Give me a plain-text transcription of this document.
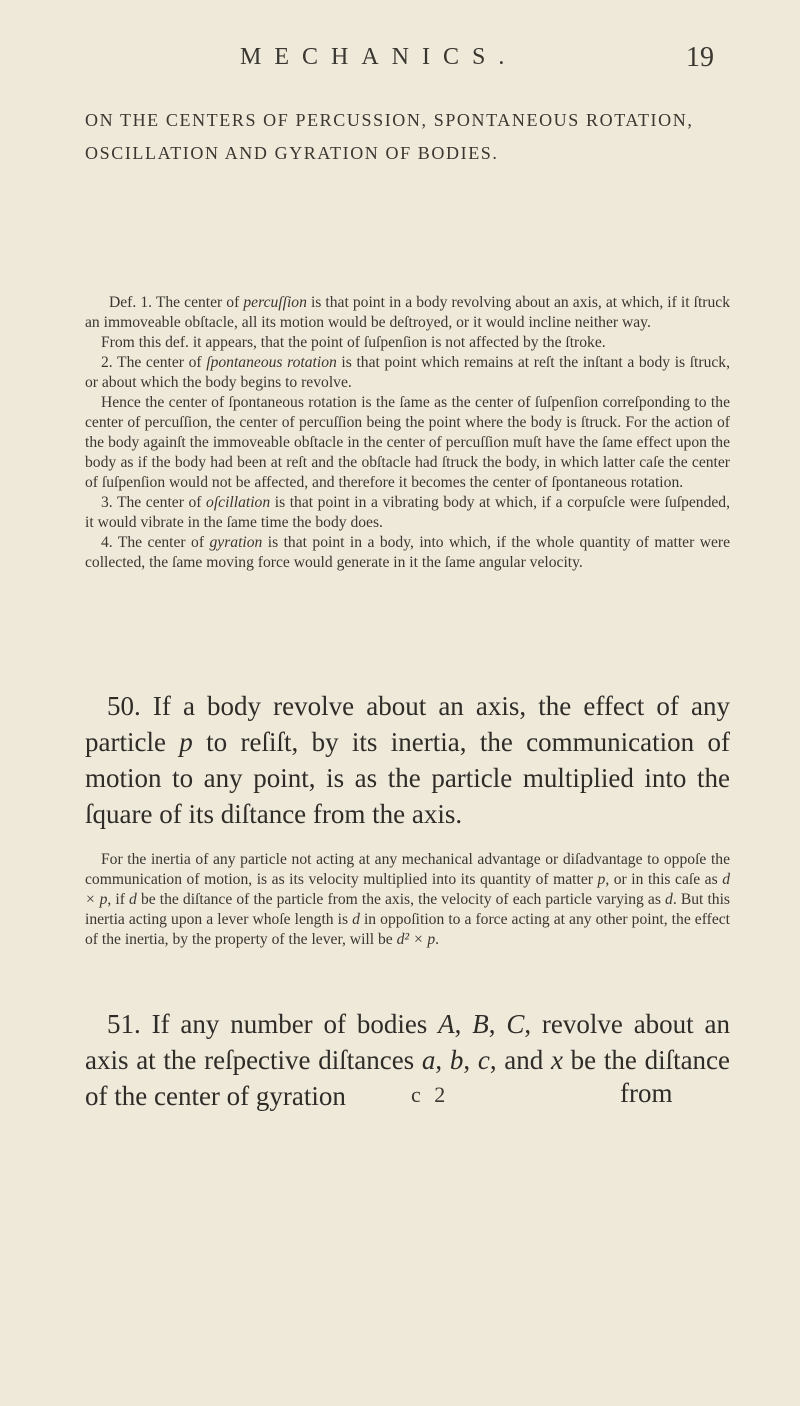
MECHANICS.	19
ON THE CENTERS OF PERCUSSION, SPONTANEOUS ROTATION, OSCILLATION AND GYRATION OF BODIES.

Def. 1. The center of percuſſion is that point in a body revolving about an axis, at which, if it ſtruck an immoveable obſtacle, all its motion would be deſtroyed, or it would incline neither way.

From this def. it appears, that the point of ſuſpenſion is not affected by the ſtroke.

2. The center of ſpontaneous rotation is that point which remains at reſt the inſtant a body is ſtruck, or about which the body begins to revolve.

Hence the center of ſpontaneous rotation is the ſame as the center of ſuſpenſion correſponding to the center of percuſſion, the center of percuſſion being the point where the body is ſtruck. For the action of the body againſt the immoveable obſtacle in the center of percuſſion muſt have the ſame effect upon the body as if the body had been at reſt and the obſtacle had ſtruck the body, in which latter caſe the center of ſuſpenſion would not be affected, and therefore it becomes the center of ſpontaneous rotation.

3. The center of oſcillation is that point in a vibrating body at which, if a corpuſcle were ſuſpended, it would vibrate in the ſame time the body does.

4. The center of gyration is that point in a body, into which, if the whole quantity of matter were collected, the ſame moving force would generate in it the ſame angular velocity.

50. If a body revolve about an axis, the effect of any particle p to reſiſt, by its inertia, the communication of motion to any point, is as the particle multiplied into the ſquare of its diſtance from the axis.

For the inertia of any particle not acting at any mechanical advantage or diſadvantage to oppoſe the communication of motion, is as its velocity multiplied into its quantity of matter p, or in this caſe as d × p, if d be the diſtance of the particle from the axis, the velocity of each particle varying as d. But this inertia acting upon a lever whoſe length is d in oppoſition to a force acting at any other point, the effect of the inertia, by the property of the lever, will be d² × p.

51. If any number of bodies A, B, C, revolve about an axis at the reſpective diſtances a, b, c, and x be the diſtance of the center of gyration	c 2	from
